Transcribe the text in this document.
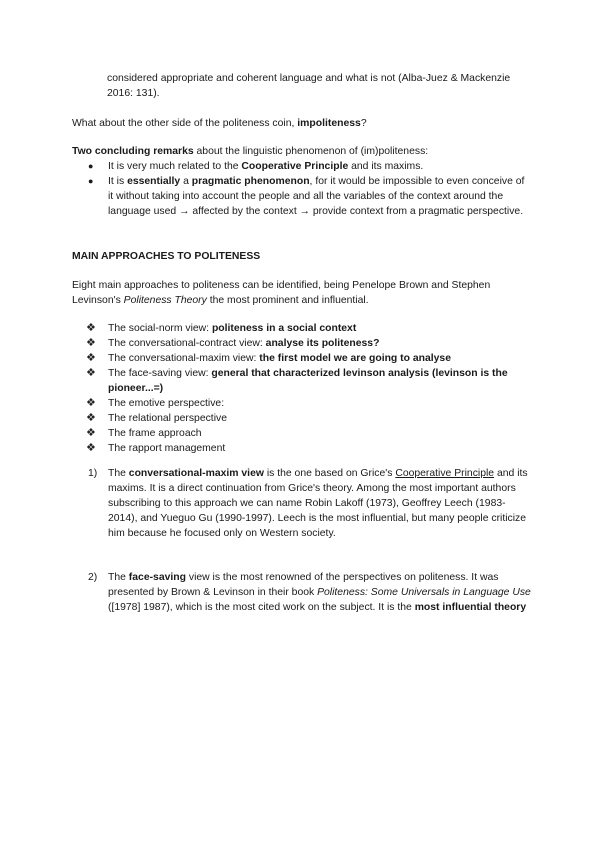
considered appropriate and coherent language and what is not (Alba-Juez & Mackenzie 2016: 131).

What about the other side of the politeness coin, impoliteness?

Two concluding remarks about the linguistic phenomenon of (im)politeness:

● It is very much related to the Cooperative Principle and its maxims.
● It is essentially a pragmatic phenomenon, for it would be impossible to even conceive of it without taking into account the people and all the variables of the context around the language used → affected by the context → provide context from a pragmatic perspective.

MAIN APPROACHES TO POLITENESS

Eight main approaches to politeness can be identified, being Penelope Brown and Stephen Levinson's Politeness Theory the most prominent and influential.

❖ The social-norm view: politeness in a social context
❖ The conversational-contract view: analyse its politeness?
❖ The conversational-maxim view: the first model we are going to analyse
❖ The face-saving view: general that characterized levinson analysis (levinson is the pioneer...=)
❖ The emotive perspective:
❖ The relational perspective
❖ The frame approach
❖ The rapport management
1)	The conversational-maxim view is the one based on Grice's Cooperative Principle and its maxims. It is a direct continuation from Grice's theory. Among the most important authors subscribing to this approach we can name Robin Lakoff (1973), Geoffrey Leech (1983-2014), and Yueguo Gu (1990-1997). Leech is the most influential, but many people criticize him because he focused only on Western society.

2)	The face-saving view is the most renowned of the perspectives on politeness. It was presented by Brown & Levinson in their book Politeness: Some Universals in Language Use ([1978] 1987), which is the most cited work on the subject. It is the most influential theory
